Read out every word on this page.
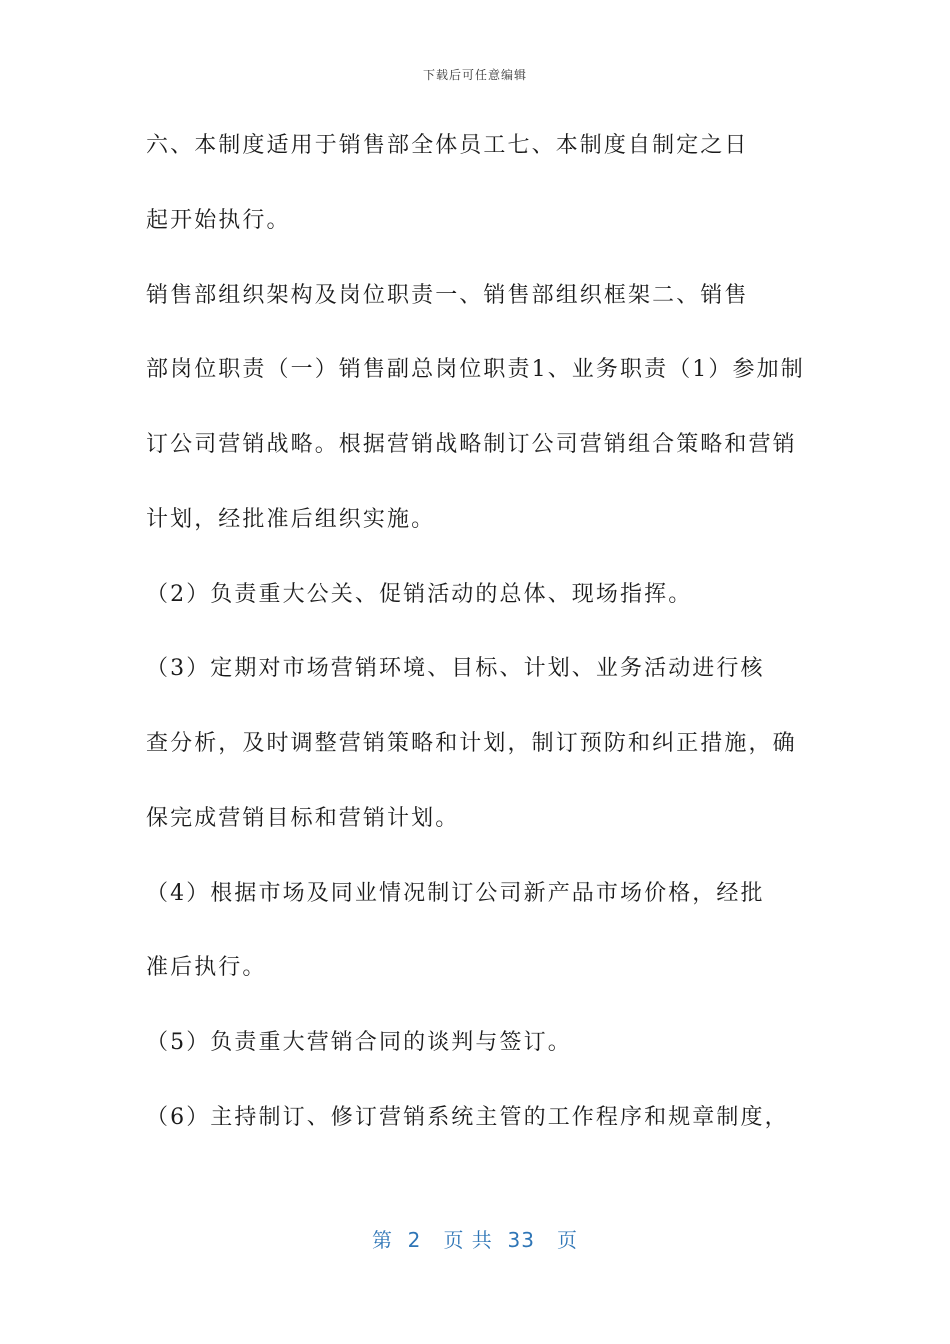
下载后可任意编辑
六、本制度适用于销售部全体员工七、本制度自制定之日
起开始执行。
销售部组织架构及岗位职责一、销售部组织框架二、销售
部岗位职责（一）销售副总岗位职责1、业务职责（1）参加制
订公司营销战略。根据营销战略制订公司营销组合策略和营销
计划，经批准后组织实施。
（2）负责重大公关、促销活动的总体、现场指挥。
（3）定期对市场营销环境、目标、计划、业务活动进行核
查分析，及时调整营销策略和计划，制订预防和纠正措施，确
保完成营销目标和营销计划。
（4）根据市场及同业情况制订公司新产品市场价格，经批
准后执行。
（5）负责重大营销合同的谈判与签订。
（6）主持制订、修订营销系统主管的工作程序和规章制度，
第  2   页 共  33   页
